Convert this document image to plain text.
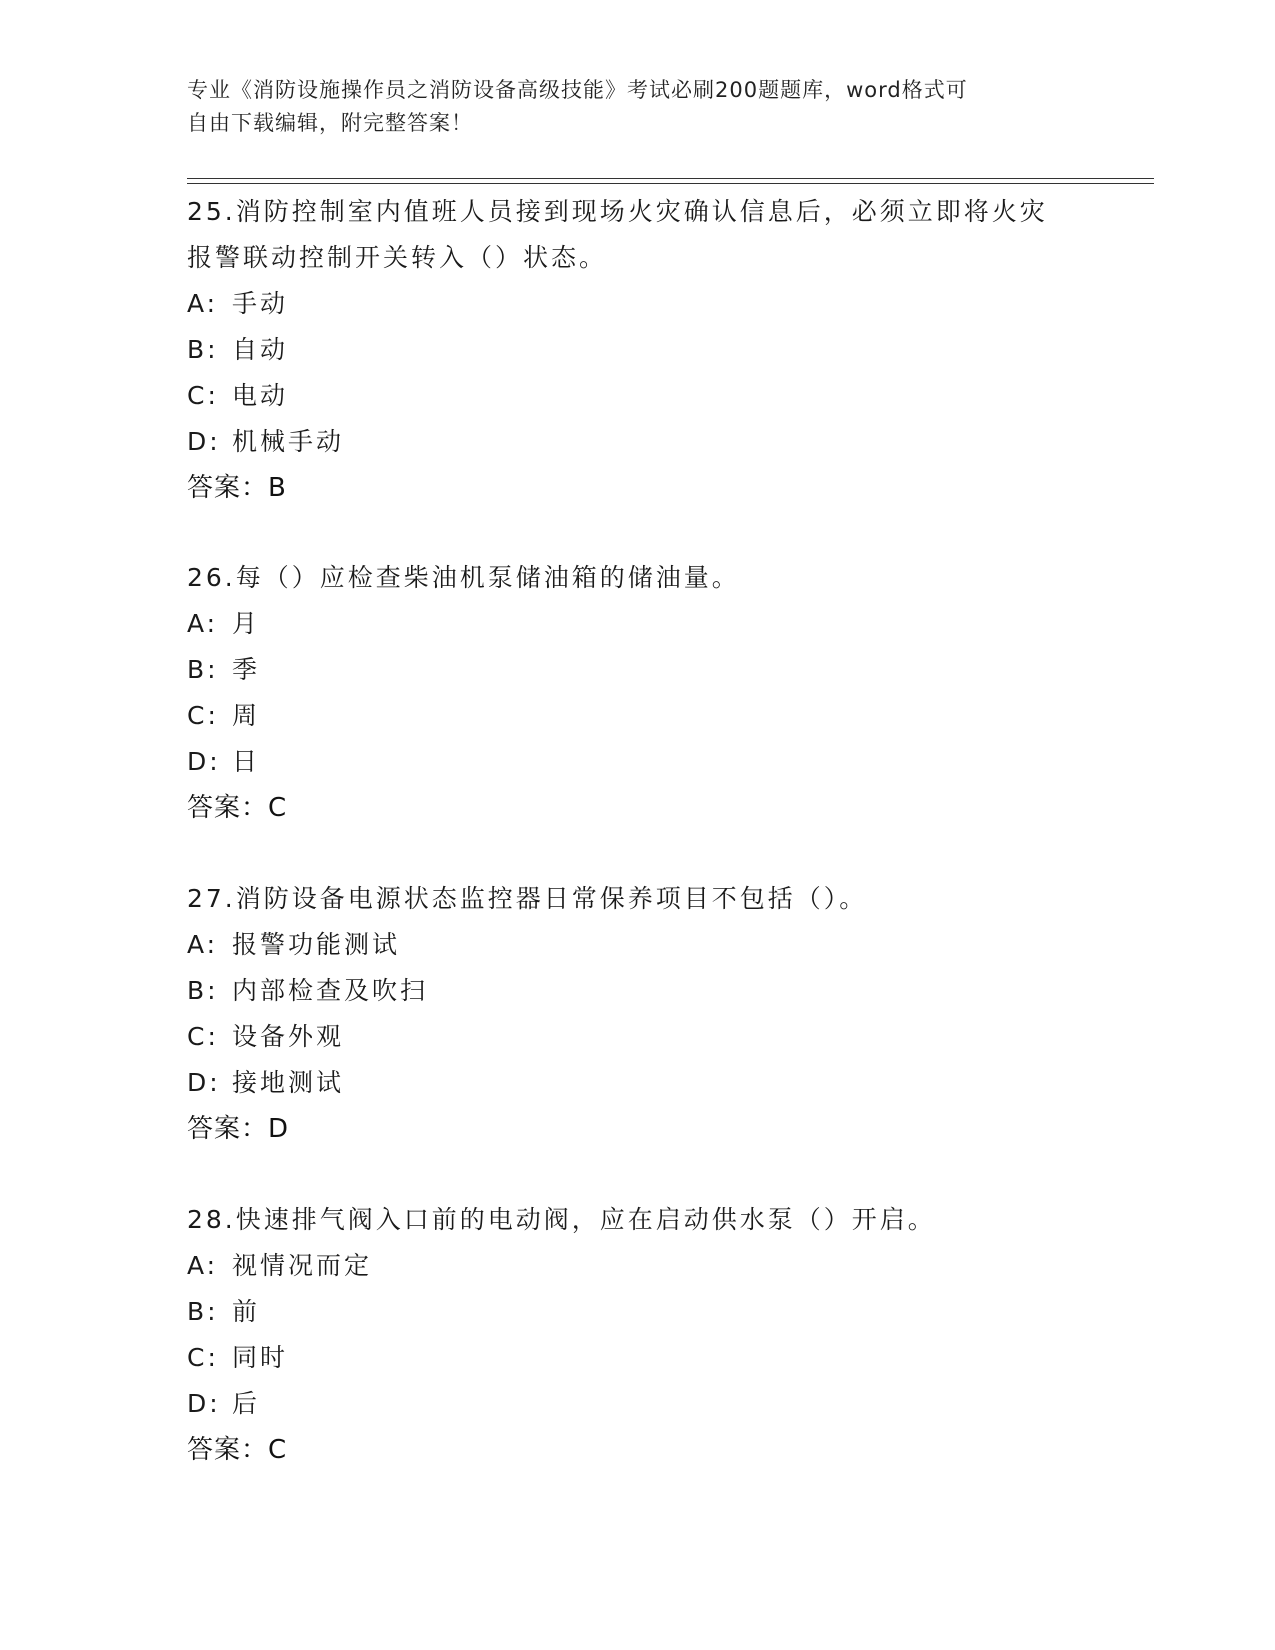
专业《消防设施操作员之消防设备高级技能》考试必刷200题题库，word格式可
自由下载编辑，附完整答案！

25.消防控制室内值班人员接到现场火灾确认信息后，必须立即将火灾

报警联动控制开关转入（）状态。

A: 手动

B: 自动

C: 电动

D: 机械手动

答案：B

26.每（）应检查柴油机泵储油箱的储油量。

A: 月

B: 季

C: 周

D: 日

答案：C

27.消防设备电源状态监控器日常保养项目不包括（）。

A: 报警功能测试

B: 内部检查及吹扫

C: 设备外观

D: 接地测试

答案：D

28.快速排气阀入口前的电动阀，应在启动供水泵（）开启。

A: 视情况而定

B: 前

C: 同时

D: 后

答案：C
